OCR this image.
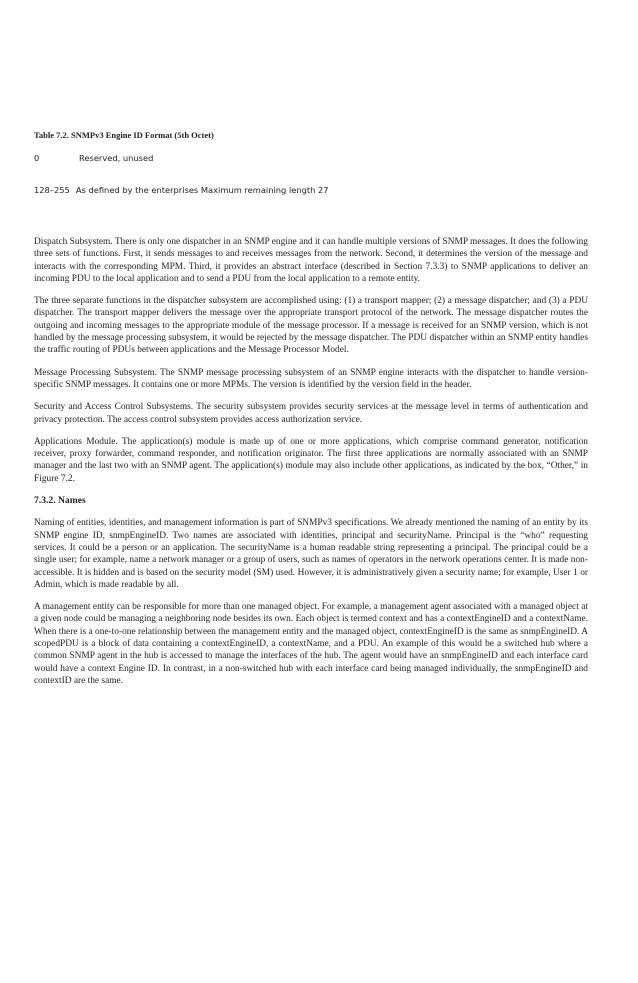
Table 7.2. SNMPv3 Engine ID Format (5th Octet)
0	Reserved, unused
128–255 As defined by the enterprises Maximum remaining length 27

Dispatch Subsystem. There is only one dispatcher in an SNMP engine and it can handle multiple versions of SNMP messages. It does the following three sets of functions. First, it sends messages to and receives messages from the network. Second, it determines the version of the message and interacts with the corresponding MPM. Third, it provides an abstract interface (described in Section 7.3.3) to SNMP applications to deliver an incoming PDU to the local application and to send a PDU from the local application to a remote entity.

The three separate functions in the dispatcher subsystem are accomplished using: (1) a transport mapper; (2) a message dispatcher; and (3) a PDU dispatcher. The transport mapper delivers the message over the appropriate transport protocol of the network. The message dispatcher routes the outgoing and incoming messages to the appropriate module of the message processor. If a message is received for an SNMP version, which is not handled by the message processing subsystem, it would be rejected by the message dispatcher. The PDU dispatcher within an SNMP entity handles the traffic routing of PDUs between applications and the Message Processor Model.

Message Processing Subsystem. The SNMP message processing subsystem of an SNMP engine interacts with the dispatcher to handle version-specific SNMP messages. It contains one or more MPMs. The version is identified by the version field in the header.

Security and Access Control Subsystems. The security subsystem provides security services at the message level in terms of authentication and privacy protection. The access control subsystem provides access authorization service.

Applications Module. The application(s) module is made up of one or more applications, which comprise command generator, notification receiver, proxy forwarder, command responder, and notification originator. The first three applications are normally associated with an SNMP manager and the last two with an SNMP agent. The application(s) module may also include other applications, as indicated by the box, “Other,” in Figure 7.2.

7.3.2. Names

Naming of entities, identities, and management information is part of SNMPv3 specifications. We already mentioned the naming of an entity by its SNMP engine ID, snmpEngineID. Two names are associated with identities, principal and securityName. Principal is the “who” requesting services. It could be a person or an application. The securityName is a human readable string representing a principal. The principal could be a single user; for example, name a network manager or a group of users, such as names of operators in the network operations center. It is made non-accessible. It is hidden and is based on the security model (SM) used. However, it is administratively given a security name; for example, User 1 or Admin, which is made readable by all.

A management entity can be responsible for more than one managed object. For example, a management agent associated with a managed object at a given node could be managing a neighboring node besides its own. Each object is termed context and has a contextEngineID and a contextName. When there is a one-to-one relationship between the management entity and the managed object, contextEngineID is the same as snmpEngineID. A scopedPDU is a block of data containing a contextEngineID, a contextName, and a PDU. An example of this would be a switched hub where a common SNMP agent in the hub is accessed to manage the interfaces of the hub. The agent would have an snmpEngineID and each interface card would have a context Engine ID. In contrast, in a non-switched hub with each interface card being managed individually, the snmpEngineID and contextID are the same.
